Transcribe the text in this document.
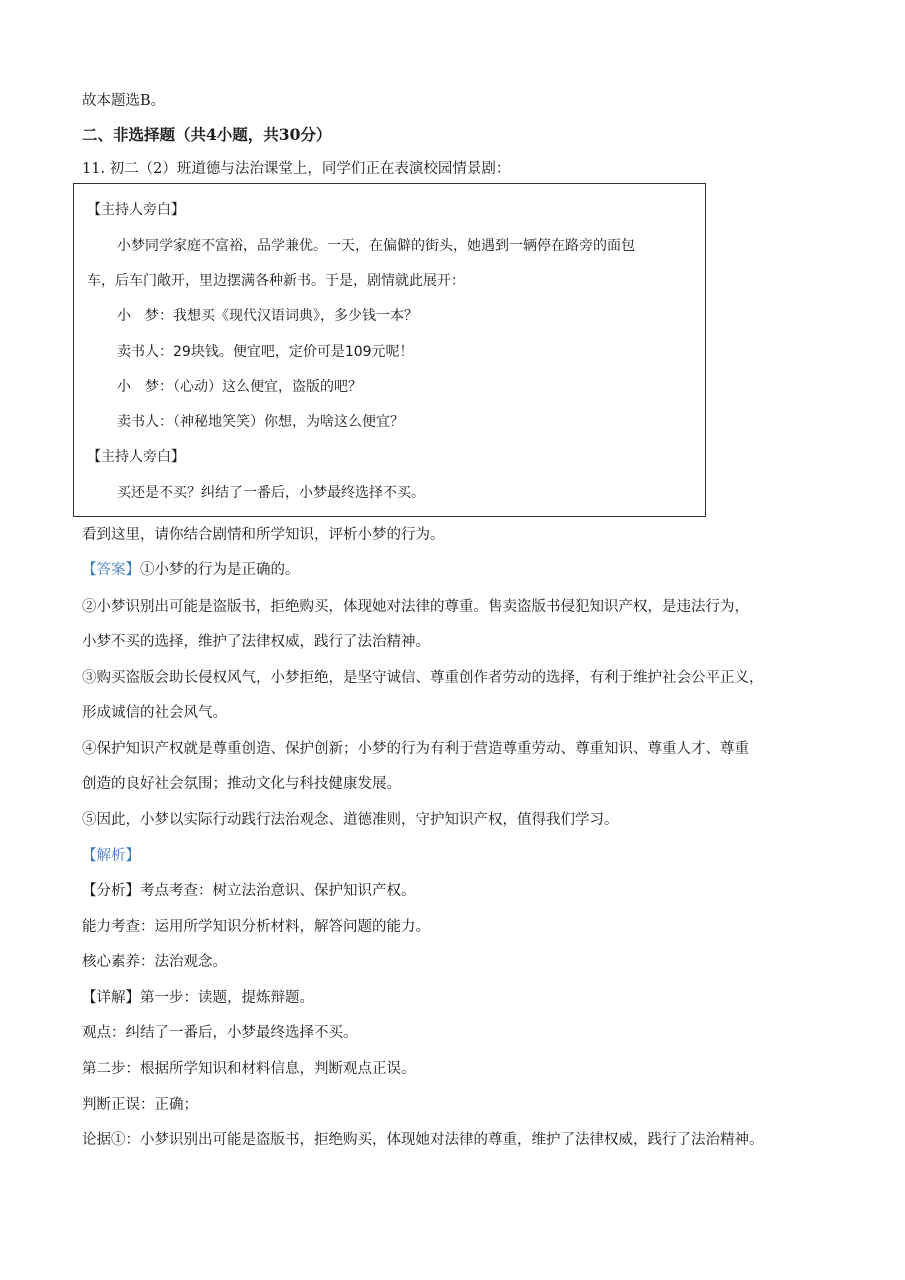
故本题选B。
二、非选择题（共4小题，共30分）
11. 初二（2）班道德与法治课堂上，同学们正在表演校园情景剧：
【主持人旁白】
小梦同学家庭不富裕，品学兼优。一天，在偏僻的街头，她遇到一辆停在路旁的面包
车，后车门敞开，里边摆满各种新书。于是，剧情就此展开：
小　梦：我想买《现代汉语词典》，多少钱一本？
卖书人：29块钱。便宜吧，定价可是109元呢！
小　梦：（心动）这么便宜，盗版的吧？
卖书人：（神秘地笑笑）你想，为啥这么便宜？
【主持人旁白】
买还是不买？纠结了一番后，小梦最终选择不买。
看到这里，请你结合剧情和所学知识，评析小梦的行为。
【答案】①小梦的行为是正确的。
②小梦识别出可能是盗版书，拒绝购买，体现她对法律的尊重。售卖盗版书侵犯知识产权，是违法行为，
小梦不买的选择，维护了法律权威，践行了法治精神。
③购买盗版会助长侵权风气，小梦拒绝，是坚守诚信、尊重创作者劳动的选择，有利于维护社会公平正义，
形成诚信的社会风气。
④保护知识产权就是尊重创造、保护创新；小梦的行为有利于营造尊重劳动、尊重知识、尊重人才、尊重
创造的良好社会氛围；推动文化与科技健康发展。
⑤因此，小梦以实际行动践行法治观念、道德准则，守护知识产权，值得我们学习。
【解析】
【分析】考点考查：树立法治意识、保护知识产权。
能力考查：运用所学知识分析材料，解答问题的能力。
核心素养：法治观念。
【详解】第一步：读题，提炼辩题。
观点：纠结了一番后，小梦最终选择不买。
第二步：根据所学知识和材料信息，判断观点正误。
判断正误：正确；
论据①：小梦识别出可能是盗版书，拒绝购买，体现她对法律的尊重，维护了法律权威，践行了法治精神。
